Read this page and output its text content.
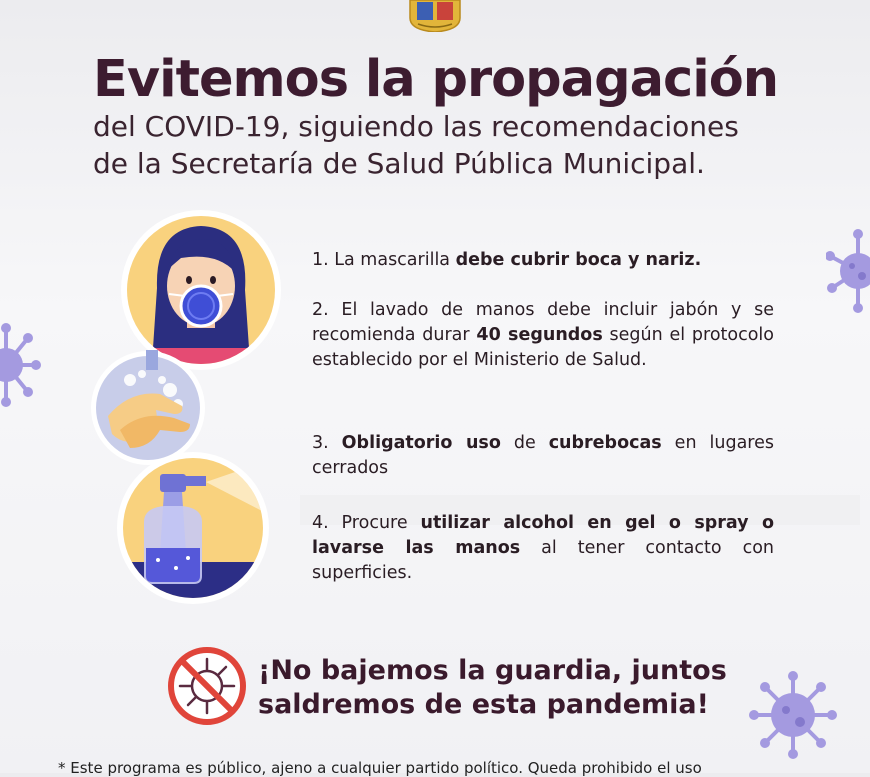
Evitemos la propagación
del COVID-19, siguiendo las recomendaciones
de la Secretaría de Salud Pública Municipal.

1. La mascarilla debe cubrir boca y nariz.

2. El lavado de manos debe incluir jabón y se recomienda durar 40 segundos según el protocolo establecido por el Ministerio de Salud.

3. Obligatorio uso de cubrebocas en lugares cerrados

4. Procure utilizar alcohol en gel o spray o lavarse las manos al tener contacto con superficies.

¡No bajemos la guardia, juntos
saldremos de esta pandemia!

* Este programa es público, ajeno a cualquier partido político. Queda prohibido el uso
